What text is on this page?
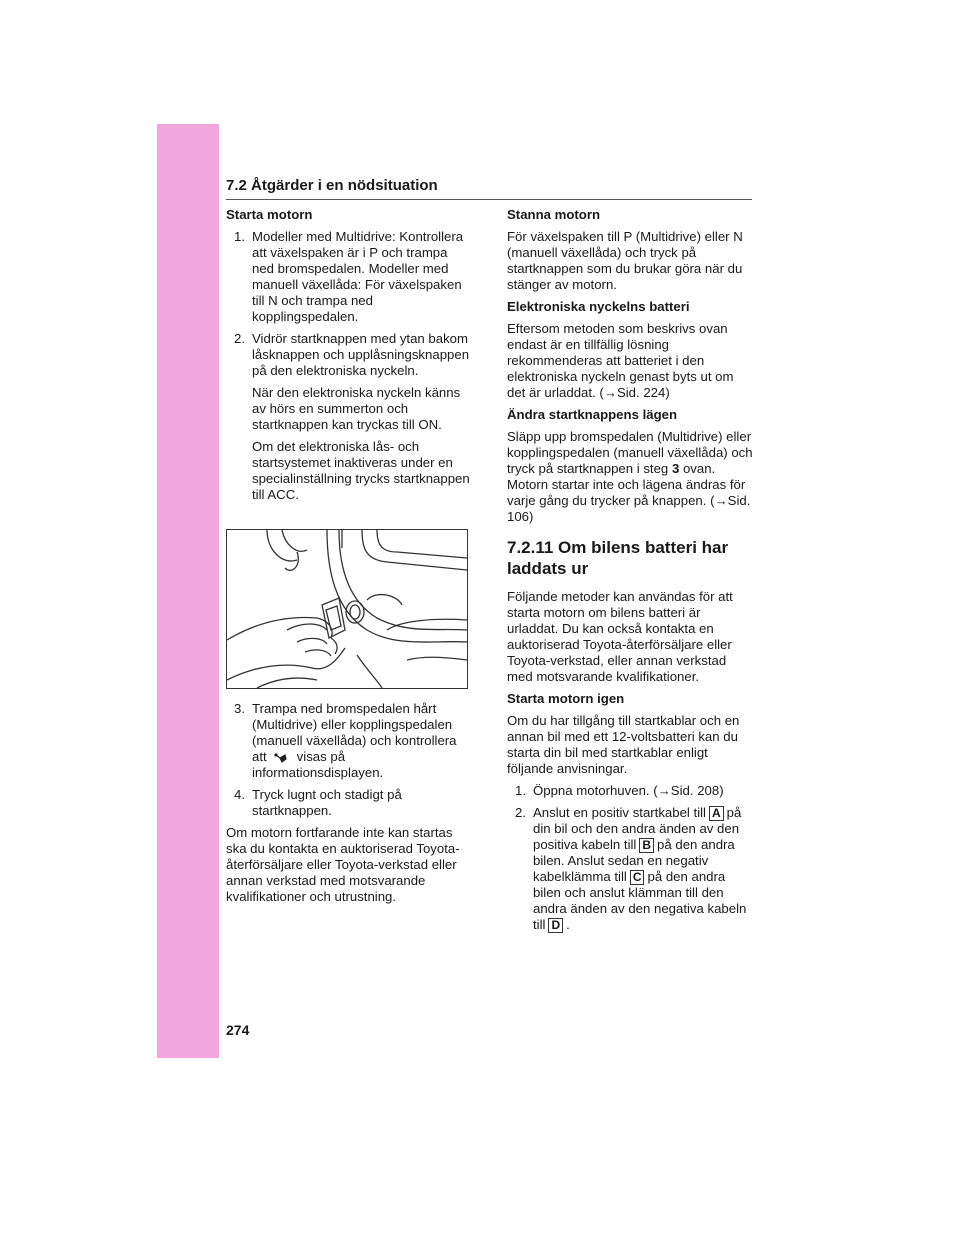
7.2 Åtgärder i en nödsituation
Starta motorn
1. Modeller med Multidrive: Kontrollera att växelspaken är i P och trampa ned bromspedalen. Modeller med manuell växellåda: För växelspaken till N och trampa ned kopplingspedalen.
2. Vidrör startknappen med ytan bakom låsknappen och upplåsningsknappen på den elektroniska nyckeln.
När den elektroniska nyckeln känns av hörs en summerton och startknappen kan tryckas till ON.
Om det elektroniska lås- och startsystemet inaktiveras under en specialinställning trycks startknappen till ACC.
3. Trampa ned bromspedalen hårt (Multidrive) eller kopplingspedalen (manuell växellåda) och kontrollera att visas på informationsdisplayen.
4. Tryck lugnt och stadigt på startknappen.

Om motorn fortfarande inte kan startas ska du kontakta en auktoriserad Toyota-återförsäljare eller Toyota-verkstad eller annan verkstad med motsvarande kvalifikationer och utrustning.

Stanna motorn

För växelspaken till P (Multidrive) eller N (manuell växellåda) och tryck på startknappen som du brukar göra när du stänger av motorn.

Elektroniska nyckelns batteri

Eftersom metoden som beskrivs ovan endast är en tillfällig lösning rekommenderas att batteriet i den elektroniska nyckeln genast byts ut om det är urladdat. (→Sid. 224)

Ändra startknappens lägen

Släpp upp bromspedalen (Multidrive) eller kopplingspedalen (manuell växellåda) och tryck på startknappen i steg 3 ovan. Motorn startar inte och lägena ändras för varje gång du trycker på knappen. (→Sid. 106)

7.2.11 Om bilens batteri har laddats ur

Följande metoder kan användas för att starta motorn om bilens batteri är urladdat. Du kan också kontakta en auktoriserad Toyota-återförsäljare eller Toyota-verkstad, eller annan verkstad med motsvarande kvalifikationer.

Starta motorn igen

Om du har tillgång till startkablar och en annan bil med ett 12-voltsbatteri kan du starta din bil med startkablar enligt följande anvisningar.

1. Öppna motorhuven. (→Sid. 208)
2. Anslut en positiv startkabel till A på din bil och den andra änden av den positiva kabeln till B på den andra bilen. Anslut sedan en negativ kabelklämma till C på den andra bilen och anslut klämman till den andra änden av den negativa kabeln till D .
274
